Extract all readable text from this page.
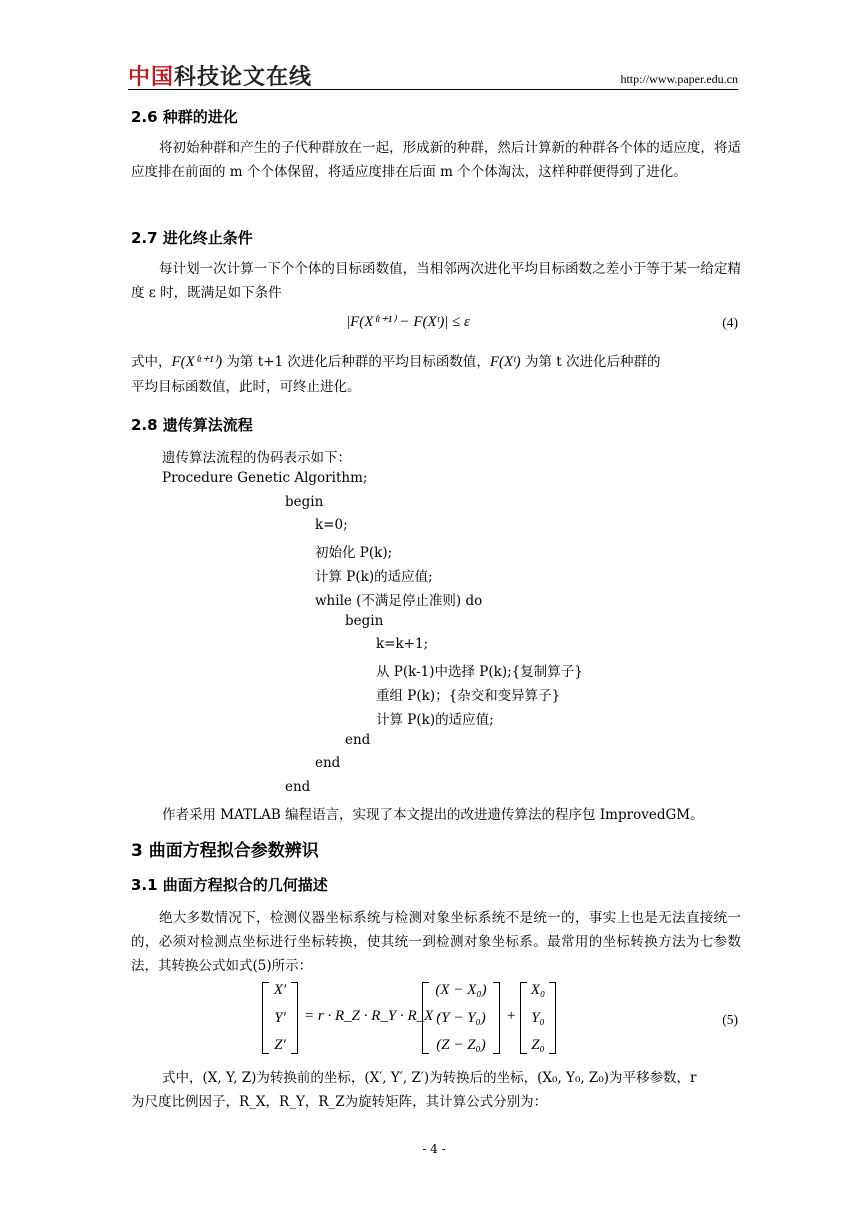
中国科技论文在线	http://www.paper.edu.cn
2.6 种群的进化
将初始种群和产生的子代种群放在一起，形成新的种群，然后计算新的种群各个体的适应度，将适应度排在前面的 m 个个体保留，将适应度排在后面 m 个个体淘汰，这样种群便得到了进化。
2.7 进化终止条件
每计划一次计算一下个个体的目标函数值，当相邻两次进化平均目标函数之差小于等于某一给定精度 ε 时，既满足如下条件
|F(X⁽ᵗ⁺¹⁾ − F(Xᵗ)| ≤ ε	(4)
式中，F(X⁽ᵗ⁺¹⁾) 为第 t+1 次进化后种群的平均目标函数值，F(Xᵗ) 为第 t 次进化后种群的
平均目标函数值，此时，可终止进化。
2.8 遗传算法流程
遗传算法流程的伪码表示如下：
Procedure Genetic Algorithm;
begin
k=0;
初始化 P(k);
计算 P(k)的适应值;
while (不满足停止准则) do
begin
k=k+1;
从 P(k-1)中选择 P(k);{复制算子}
重组 P(k)；{杂交和变异算子}
计算 P(k)的适应值;
end
end
end
作者采用 MATLAB 编程语言，实现了本文提出的改进遗传算法的程序包 ImprovedGM。
3 曲面方程拟合参数辨识
3.1 曲面方程拟合的几何描述
绝大多数情况下，检测仪器坐标系统与检测对象坐标系统不是统一的，事实上也是无法直接统一的，必须对检测点坐标进行坐标转换，使其统一到检测对象坐标系。最常用的坐标转换方法为七参数法，其转换公式如式(5)所示：
X′
Y′
Z′
= r · R_Z · R_Y · R_X ·
(X − X₀)
(Y − Y₀)
(Z − Z₀)
+
X₀
Y₀
Z₀
(5)
式中，(X, Y, Z)为转换前的坐标，(X′, Y′, Z′)为转换后的坐标，(X₀, Y₀, Z₀)为平移参数，r
为尺度比例因子，R_X，R_Y，R_Z为旋转矩阵，其计算公式分别为：
- 4 -
